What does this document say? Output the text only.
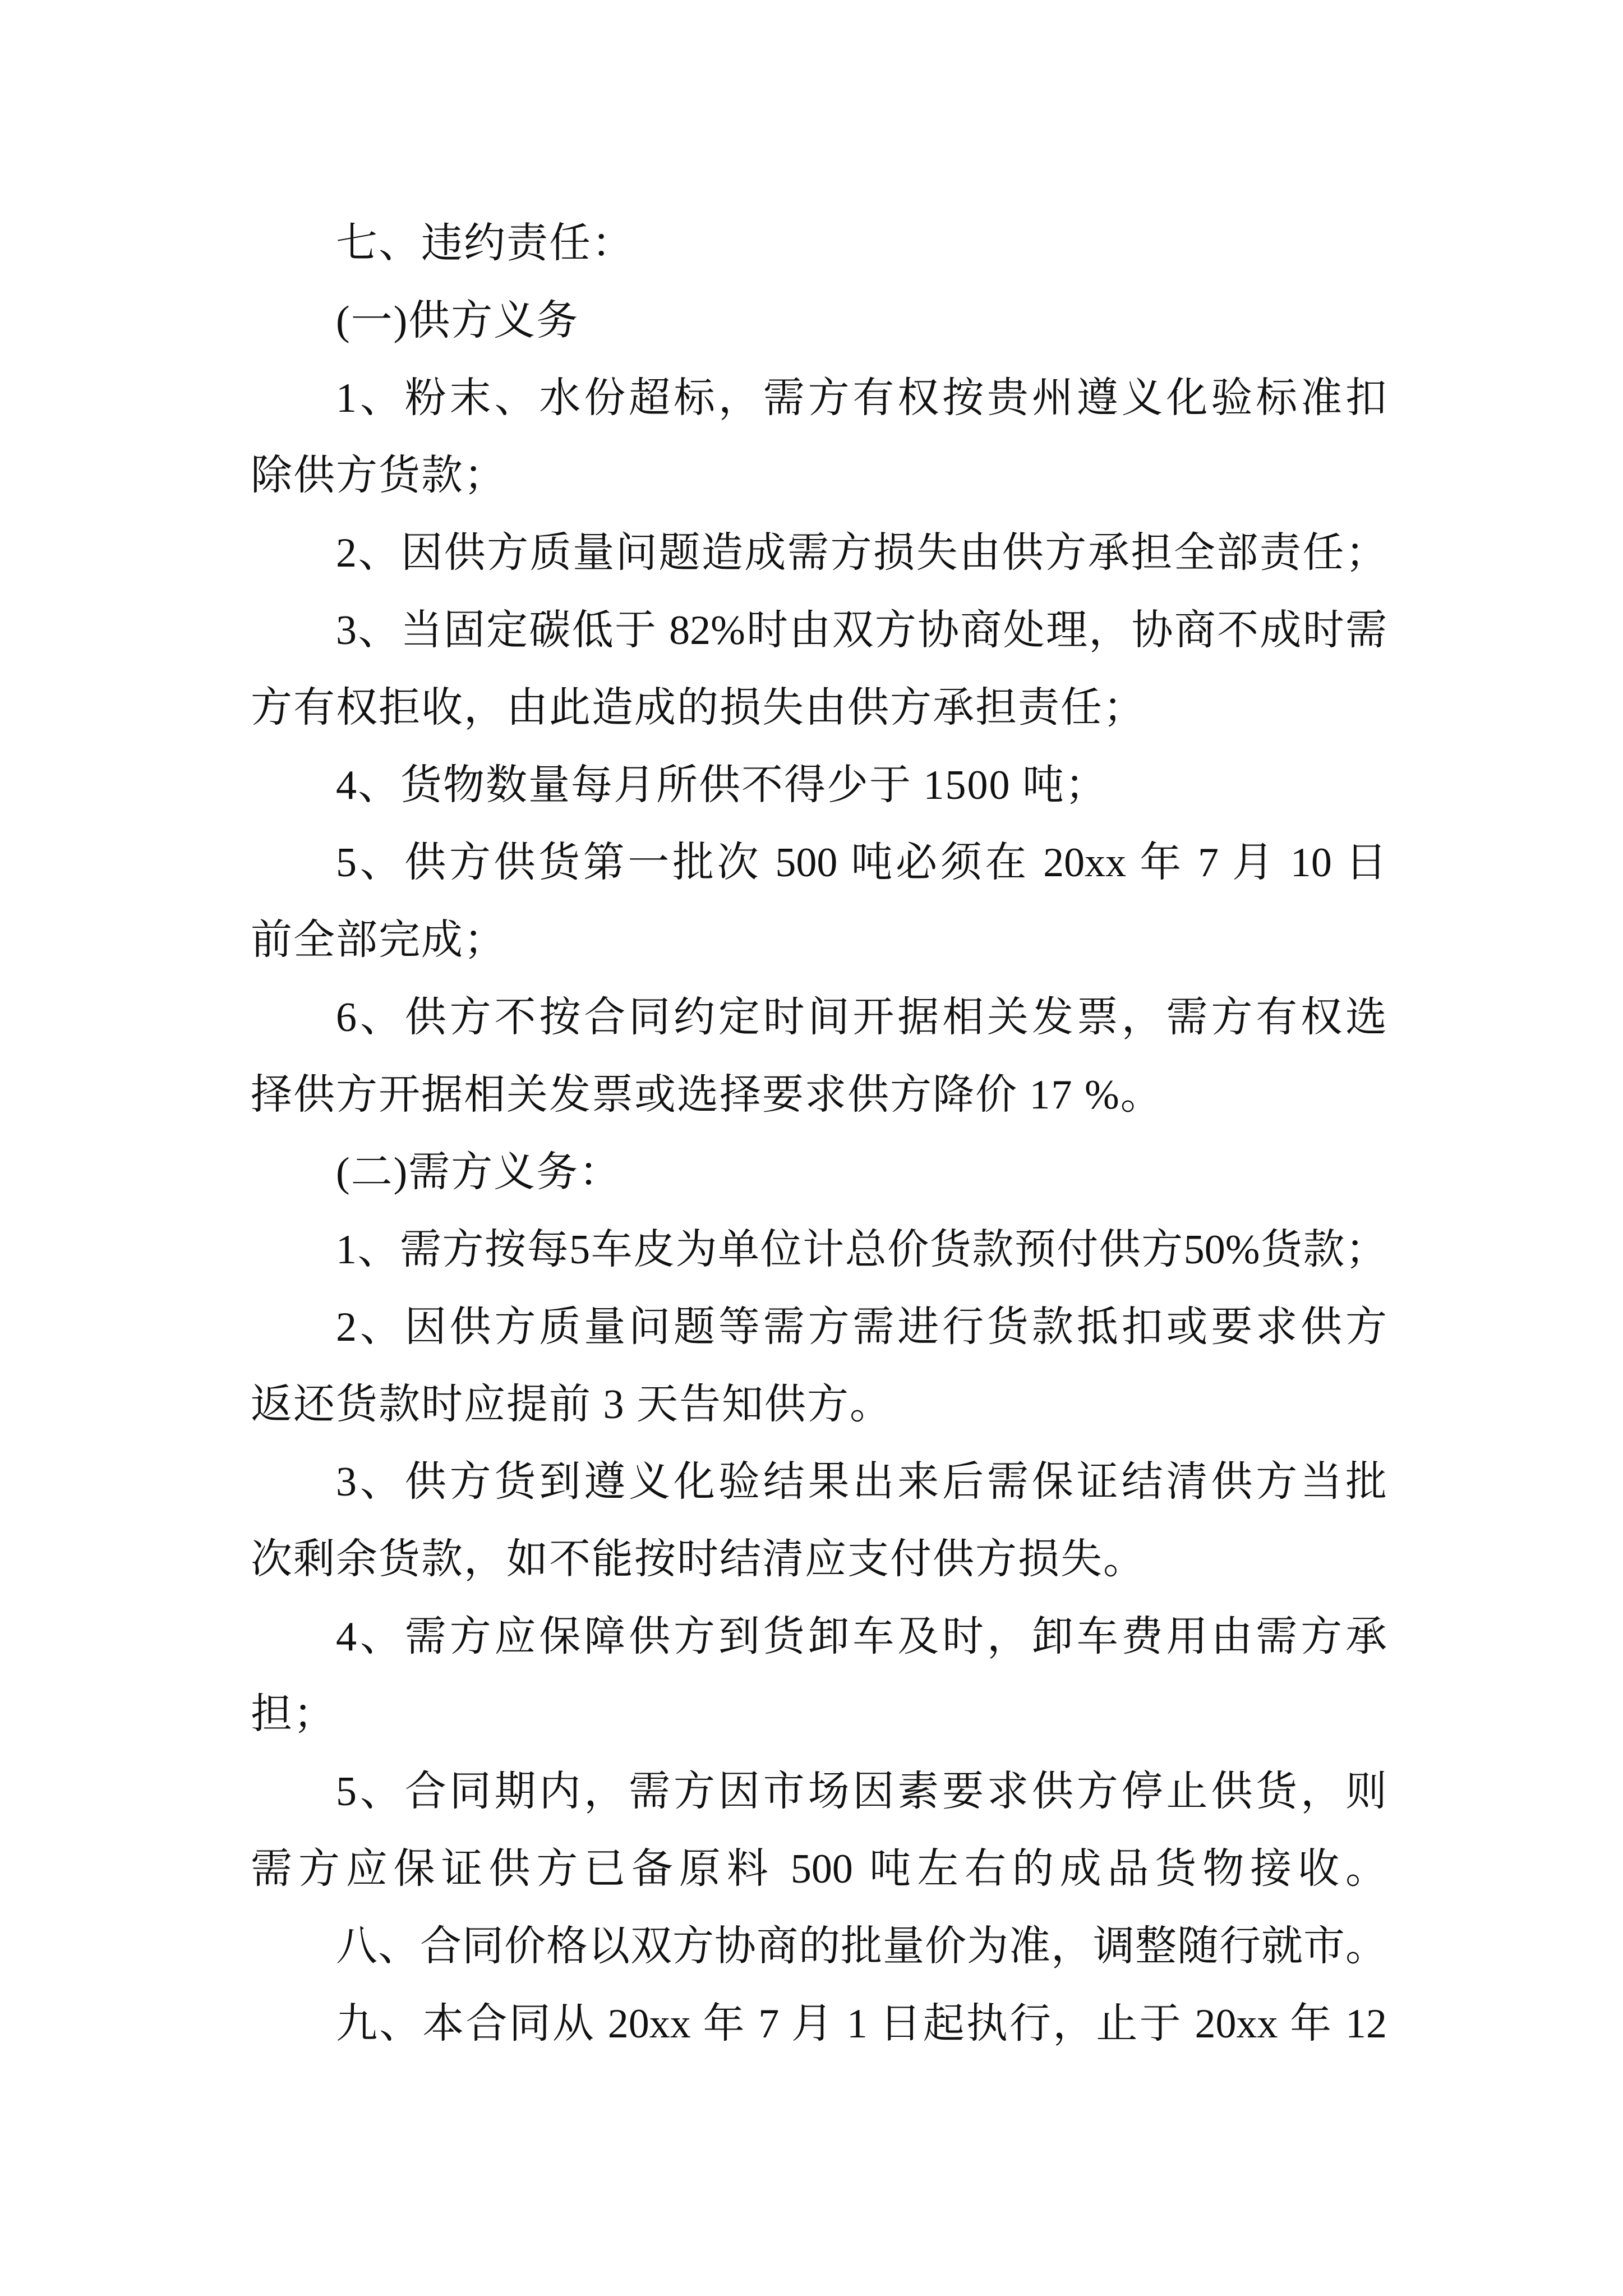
七、违约责任：
(一)供方义务
1、粉末、水份超标，需方有权按贵州遵义化验标准扣
除供方货款；
2、因供方质量问题造成需方损失由供方承担全部责任；
3、当固定碳低于 82%时由双方协商处理，协商不成时需
方有权拒收，由此造成的损失由供方承担责任；
4、货物数量每月所供不得少于 1500 吨；
5、供方供货第一批次 500 吨必须在 20xx 年 7 月 10 日
前全部完成；
6、供方不按合同约定时间开据相关发票，需方有权选
择供方开据相关发票或选择要求供方降价 17 %。
(二)需方义务：
1、需方按每5车皮为单位计总价货款预付供方50%货款；
2、因供方质量问题等需方需进行货款抵扣或要求供方
返还货款时应提前 3 天告知供方。
3、供方货到遵义化验结果出来后需保证结清供方当批
次剩余货款，如不能按时结清应支付供方损失。
4、需方应保障供方到货卸车及时，卸车费用由需方承
担；
5、合同期内，需方因市场因素要求供方停止供货，则
需方应保证供方已备原料 500 吨左右的成品货物接收。
八、合同价格以双方协商的批量价为准，调整随行就市。
九、本合同从 20xx 年 7 月 1 日起执行，止于 20xx 年 12
